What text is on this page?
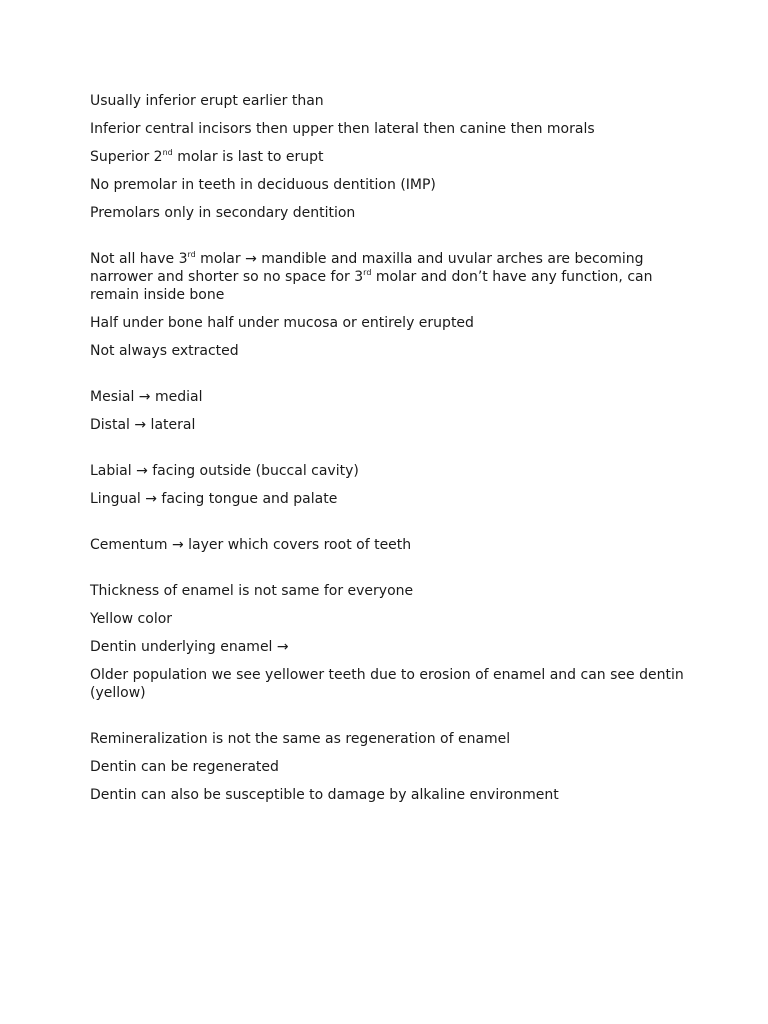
Usually inferior erupt earlier than

Inferior central incisors then upper then lateral then canine then morals

Superior 2nd molar is last to erupt

No premolar in teeth in deciduous dentition (IMP)

Premolars only in secondary dentition

Not all have 3rd molar → mandible and maxilla and uvular arches are becoming narrower and shorter so no space for 3rd molar and don’t have any function, can remain inside bone

Half under bone half under mucosa or entirely erupted

Not always extracted

Mesial → medial

Distal → lateral

Labial → facing outside (buccal cavity)

Lingual → facing tongue and palate

Cementum → layer which covers root of teeth

Thickness of enamel is not same for everyone

Yellow color

Dentin underlying enamel →

Older population we see yellower teeth due to erosion of enamel and can see dentin (yellow)

Remineralization is not the same as regeneration of enamel

Dentin can be regenerated

Dentin can also be susceptible to damage by alkaline environment
